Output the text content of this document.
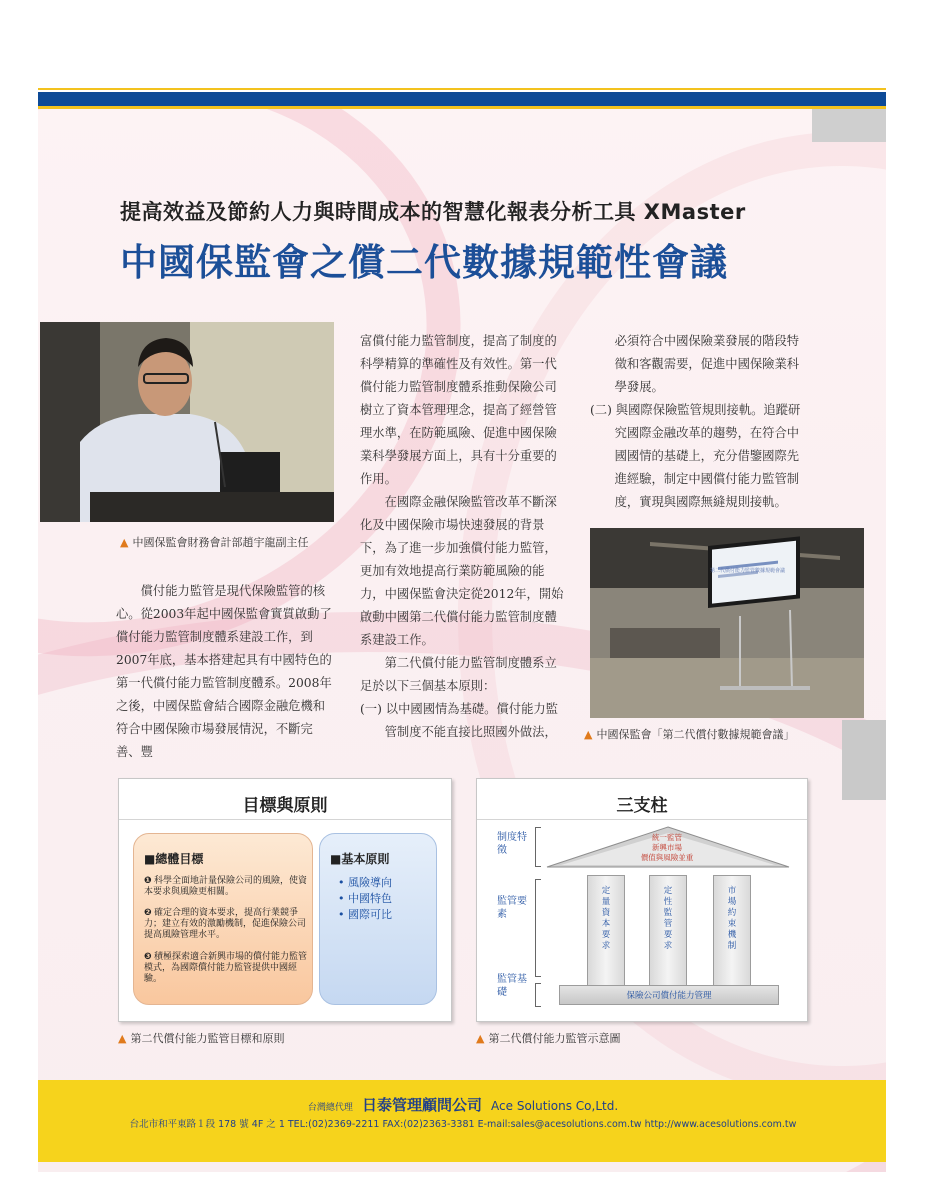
提高效益及節約人力與時間成本的智慧化報表分析工具 XMaster
中國保監會之償二代數據規範性會議
▲ 中國保監會財務會計部趙宇龍副主任

　　償付能力監管是現代保險監管的核心。從2003年起中國保監會實質啟動了償付能力監管制度體系建設工作，到2007年底，基本搭建起具有中國特色的第一代償付能力監管制度體系。2008年之後，中國保監會結合國際金融危機和符合中國保險市場發展情況，不斷完善、豐

富償付能力監管制度，提高了制度的科學精算的準確性及有效性。第一代償付能力監管制度體系推動保險公司樹立了資本管理理念，提高了經營管理水準，在防範風險、促進中國保險業科學發展方面上，具有十分重要的作用。

　　在國際金融保險監管改革不斷深化及中國保險市場快速發展的背景下，為了進一步加強償付能力監管，更加有效地提高行業防範風險的能力，中國保監會決定從2012年，開始啟動中國第二代償付能力監管制度體系建設工作。

　　第二代償付能力監管制度體系立足於以下三個基本原則：

(一) 以中國國情為基礎。償付能力監

　　管制度不能直接比照國外做法，

　　必須符合中國保險業發展的階段特

　　徵和客觀需要，促進中國保險業科

　　學發展。

(二) 與國際保險監管規則接軌。追蹤研

　　究國際金融改革的趨勢，在符合中

　　國國情的基礎上，充分借鑒國際先

　　進經驗，制定中國償付能力監管制

　　度，實現與國際無縫規則接軌。

第二代償付能力監管數據規範會議
▲ 中國保監會「第二代償付數據規範會議」
目標與原則
■總體目標
❶ 科學全面地計量保險公司的風險，使資本要求與風險更相關。
❷ 確定合理的資本要求，提高行業競爭力；建立有效的激勵機制，促進保險公司提高風險管理水平。
❸ 積極探索適合新興市場的償付能力監管模式，為國際償付能力監管提供中國經驗。
■基本原則
• 風險導向
• 中國特色
• 國際可比
▲ 第二代償付能力監管目標和原則
三支柱
制度特徵
監管要素
監管基礎
統一監管
新興市場
價值與風險並重
定量資本要求
定性監管要求
市場約束機制
保險公司償付能力管理
▲ 第二代償付能力監管示意圖
台灣總代理 日泰管理顧問公司 Ace Solutions Co,Ltd.
台北市和平東路１段 178 號 4F 之 1 TEL:(02)2369-2211 FAX:(02)2363-3381 E-mail:sales@acesolutions.com.tw http://www.acesolutions.com.tw
